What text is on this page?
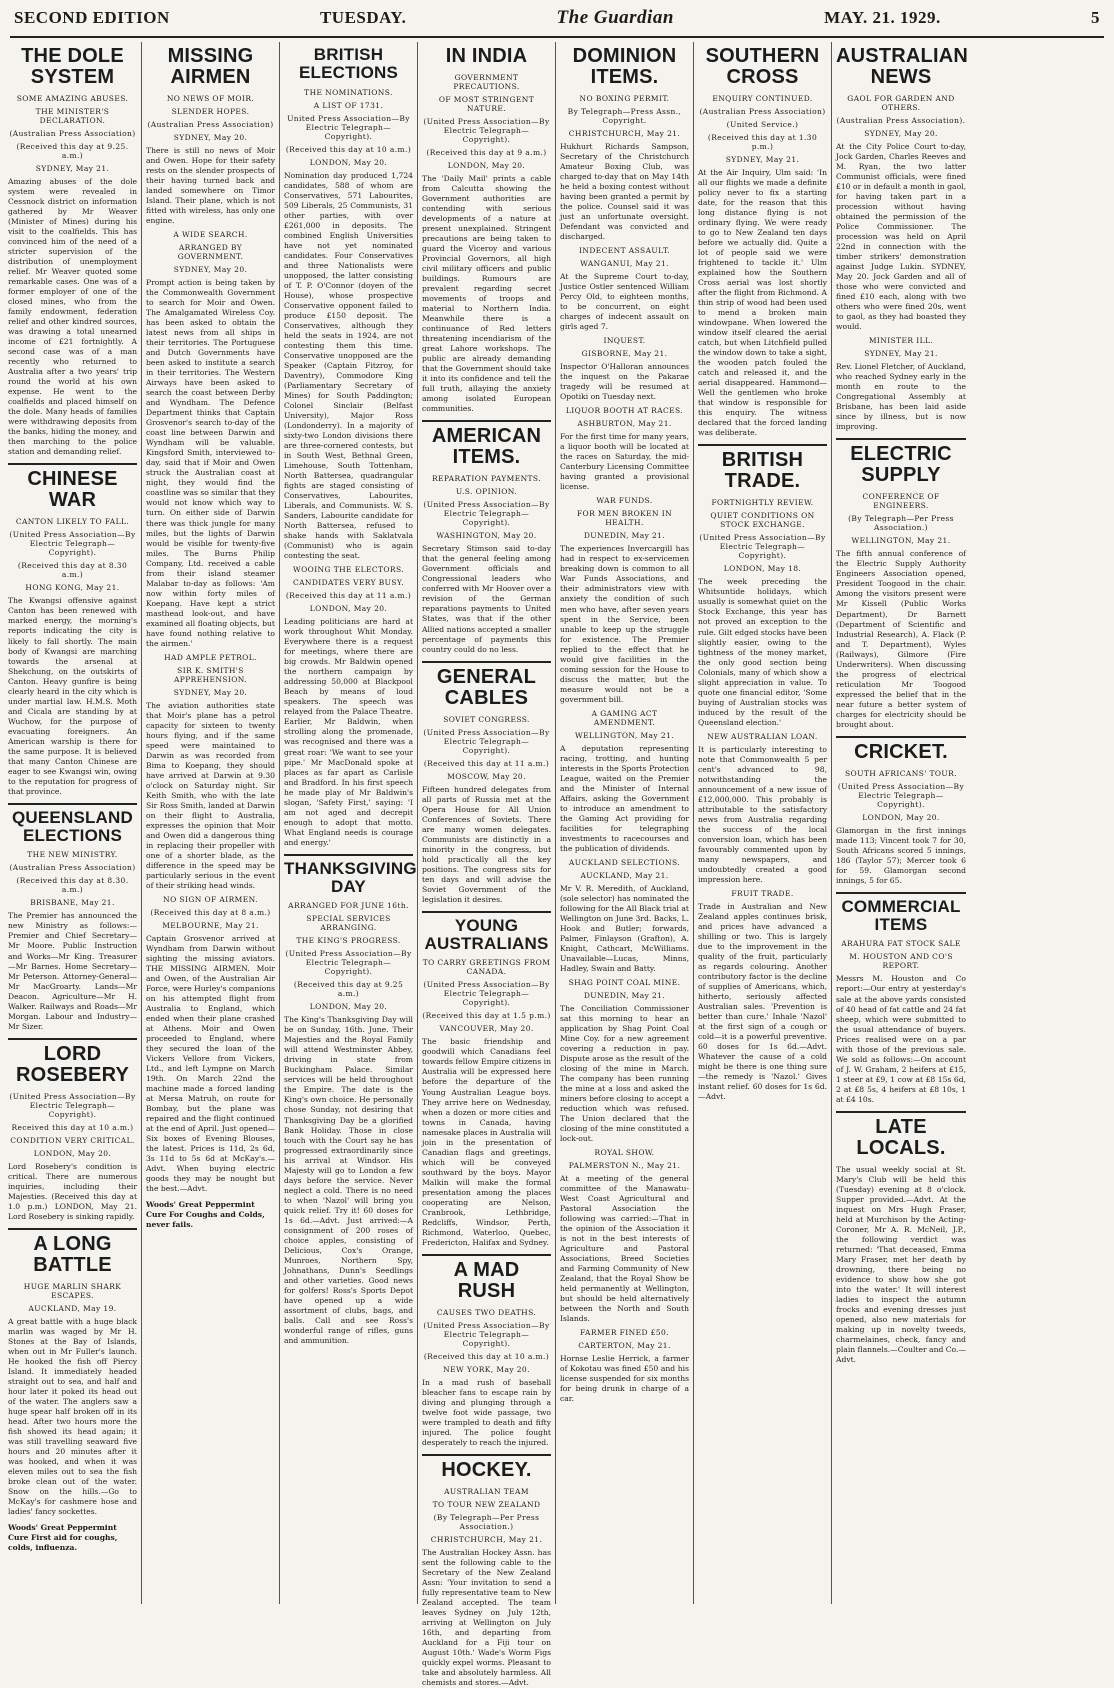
SECOND EDITION	TUESDAY.	The Guardian	MAY. 21. 1929.	5
THE DOLE SYSTEM
SOME AMAZING ABUSES.
THE MINISTER'S DECLARATION.
(Australian Press Association)
(Received this day at 9.25. a.m.)
SYDNEY, May 21.
Amazing abuses of the dole system were revealed in Cessnock district on information gathered by Mr Weaver (Minister of Mines) during his visit to the coalfields. This has convinced him of the need of a stricter supervision of the distribution of unemployment relief. Mr Weaver quoted some remarkable cases. One was of a former employer of one of the closed mines, who from the family endowment, federation relief and other kindred sources, was drawing a total unearned income of £21 fortnightly. A second case was of a man recently who returned to Australia after a two years' trip round the world at his own expense. He went to the coalfields and placed himself on the dole. Many heads of families were withdrawing deposits from the banks, hiding the money, and then marching to the police station and demanding relief.
CHINESE WAR
CANTON LIKELY TO FALL.
(United Press Association—By Electric Telegraph—Copyright).
(Received this day at 8.30 a.m.)
HONG KONG, May 21.
The Kwangsi offensive against Canton has been renewed with marked energy, the morning's reports indicating the city is likely to fall shortly. The main body of Kwangsi are marching towards the arsenal at Shekchung, on the outskirts of Canton. Heavy gunfire is being clearly heard in the city which is under martial law. H.M.S. Moth and Cicala are standing by at Wuchow, for the purpose of evacuating foreigners. An American warship is there for the same purpose. It is believed that many Canton Chinese are eager to see Kwangsi win, owing to the reputation for progress of that province.
QUEENSLAND ELECTIONS
THE NEW MINISTRY.
(Australian Press Association)
(Received this day at 8.30. a.m.)
BRISBANE, May 21.
The Premier has announced the new Ministry as follows:— Premier and Chief Secretary—Mr Moore. Public Instruction and Works—Mr King. Treasurer—Mr Barnes. Home Secretary—Mr Peterson. Attorney-General—Mr MacGroarty. Lands—Mr Deacon. Agriculture—Mr H. Walker. Railways and Roads—Mr Morgan. Labour and Industry—Mr Sizer.
LORD ROSEBERY
(United Press Association—By Electric Telegraph—Copyright).
Received this day at 10 a.m.)
CONDITION VERY CRITICAL.
LONDON, May 20.
Lord Rosebery's condition is critical. There are numerous inquiries, including their Majesties. (Received this day at 1.0 p.m.) LONDON, May 21. Lord Rosebery is sinking rapidly.
A LONG BATTLE
HUGE MARLIN SHARK ESCAPES.
AUCKLAND, May 19.
A great battle with a huge black marlin was waged by Mr H. Stones at the Bay of Islands, when out in Mr Fuller's launch. He hooked the fish off Piercy Island. It immediately headed straight out to sea, and half and hour later it poked its head out of the water. The anglers saw a huge spear half broken off in its head. After two hours more the fish showed its head again; it was still travelling seaward five hours and 20 minutes after it was hooked, and when it was eleven miles out to sea the fish broke clean out of the water. Snow on the hills.—Go to McKay's for cashmere hose and ladies' fancy sockettes.
Woods' Great Peppermint Cure First aid for coughs, colds, influenza.
MISSING AIRMEN
NO NEWS OF MOIR.
SLENDER HOPES.
(Australian Press Association)
SYDNEY, May 20.
There is still no news of Moir and Owen. Hope for their safety rests on the slender prospects of their having turned back and landed somewhere on Timor Island. Their plane, which is not fitted with wireless, has only one engine.
A WIDE SEARCH.
ARRANGED BY GOVERNMENT.
SYDNEY, May 20.
Prompt action is being taken by the Commonwealth Government to search for Moir and Owen. The Amalgamated Wireless Coy. has been asked to obtain the latest news from all ships in their territories. The Portuguese and Dutch Governments have been asked to institute a search in their territories. The Western Airways have been asked to search the coast between Derby and Wyndham. The Defence Department thinks that Captain Grosvenor's search to-day of the coast line between Darwin and Wyndham will be valuable. Kingsford Smith, interviewed to-day, said that if Moir and Owen struck the Australian coast at night, they would find the coastline was so similar that they would not know which way to turn. On either side of Darwin there was thick jungle for many miles, but the lights of Darwin would be visible for twenty-five miles. The Burns Philip Company, Ltd. received a cable from their island steamer Malabar to-day as follows: 'Am now within forty miles of Koepang. Have kept a strict masthead look-out, and have examined all floating objects, but have found nothing relative to the airmen.'
HAD AMPLE PETROL.
SIR K. SMITH'S APPREHENSION.
SYDNEY, May 20.
The aviation authorities state that Moir's plane has a petrol capacity for sixteen to twenty hours flying, and if the same speed were maintained to Darwin as was recorded from Bima to Koepang, they should have arrived at Darwin at 9.30 o'clock on Saturday night. Sir Keith Smith, who with the late Sir Ross Smith, landed at Darwin on their flight to Australia, expresses the opinion that Moir and Owen did a dangerous thing in replacing their propeller with one of a shorter blade, as the difference in the speed may be particularly serious in the event of their striking head winds.
NO SIGN OF AIRMEN.
(Received this day at 8 a.m.)
MELBOURNE, May 21.
Captain Grosvenor arrived at Wyndham from Darwin without sighting the missing aviators. THE MISSING AIRMEN. Moir and Owen, of the Australian Air Force, were Hurley's companions on his attempted flight from Australia to England, which ended when their plane crashed at Athens. Moir and Owen proceeded to England, where they secured the loan of the Vickers Vellore from Vickers, Ltd., and left Lympne on March 19th. On March 22nd the machine made a forced landing at Mersa Matruh, on route for Bombay, but the plane was repaired and the flight continued at the end of April. Just opened—Six boxes of Evening Blouses, the latest. Prices is 11d, 2s 6d, 3s 11d to 5s 6d at McKay's.—Advt. When buying electric goods they may be nought but the best.—Advt.
Woods' Great Peppermint Cure For Coughs and Colds, never fails.
BRITISH ELECTIONS
THE NOMINATIONS.
A LIST OF 1731.
United Press Association—By Electric Telegraph—Copyright).
(Received this day at 10 a.m.)
LONDON, May 20.
Nomination day produced 1,724 candidates, 588 of whom are Conservatives, 571 Labourites, 509 Liberals, 25 Communists, 31 other parties, with over £261,000 in deposits. The combined English Universities have not yet nominated candidates. Four Conservatives and three Nationalists were unopposed, the latter consisting of T. P. O'Connor (doyen of the House), whose prospective Conservative opponent failed to produce £150 deposit. The Conservatives, although they held the seats in 1924, are not contesting them this time. Conservative unopposed are the Speaker (Captain Fitzroy, for Daventry), Commodore King (Parliamentary Secretary of Mines) for South Paddington; Colonel Sinclair (Belfast University), Major Ross (Londonderry). In a majority of sixty-two London divisions there are three-cornered contests, but in South West, Bethnal Green, Limehouse, South Tottenham, North Battersea, quadrangular fights are staged consisting of Conservatives, Labourites, Liberals, and Communists. W. S. Sanders, Labourite candidate for North Battersea, refused to shake hands with Saklatvala (Communist) who is again contesting the seat.
WOOING THE ELECTORS.
CANDIDATES VERY BUSY.
(Received this day at 11 a.m.)
LONDON, May 20.
Leading politicians are hard at work throughout Whit Monday. Everywhere there is a request for meetings, where there are big crowds. Mr Baldwin opened the northern campaign by addressing 50,000 at Blackpool Beach by means of loud speakers. The speech was relayed from the Palace Theatre. Earlier, Mr Baldwin, when strolling along the promenade, was recognised and there was a great roar: 'We want to see your pipe.' Mr MacDonald spoke at places as far apart as Carlisle and Bradford. In his first speech he made play of Mr Baldwin's slogan, 'Safety First,' saying: 'I am not aged and decrepit enough to adopt that motto. What England needs is courage and energy.'
THANKSGIVING DAY
ARRANGED FOR JUNE 16th.
SPECIAL SERVICES ARRANGING.
THE KING'S PROGRESS.
(United Press Association—By Electric Telegraph—Copyright).
(Received this day at 9.25 a.m.)
LONDON, May 20.
The King's Thanksgiving Day will be on Sunday, 16th. June. Their Majesties and the Royal Family will attend Westminster Abbey, driving in state from Buckingham Palace. Similar services will be held throughout the Empire. The date is the King's own choice. He personally chose Sunday, not desiring that Thanksgiving Day be a glorified Bank Holiday. Those in close touch with the Court say he has progressed extraordinarily since his arrival at Windsor. His Majesty will go to London a few days before the service. Never neglect a cold. There is no need to when 'Nazol' will bring you quick relief. Try it! 60 doses for 1s 6d.—Advt. Just arrived:—A consignment of 200 roses of choice apples, consisting of Delicious, Cox's Orange, Munroes, Northern Spy, Johnathans, Dunn's Seedlings and other varieties. Good news for golfers! Ross's Sports Depot have opened up a wide assortment of clubs, bags, and balls. Call and see Ross's wonderful range of rifles, guns and ammunition.
IN INDIA
GOVERNMENT PRECAUTIONS.
OF MOST STRINGENT NATURE.
(United Press Association—By Electric Telegraph—Copyright).
(Received this day at 9 a.m.)
LONDON, May 20.
The 'Daily Mail' prints a cable from Calcutta showing the Government authorities are contending with serious developments of a nature at present unexplained. Stringent precautions are being taken to guard the Viceroy and various Provincial Governors, all high civil military officers and public buildings. Rumours are prevalent regarding secret movements of troops and material to Northern India. Meanwhile there is a continuance of Red letters threatening incendiarism of the great Lahore workshops. The public are already demanding that the Government should take it into its confidence and tell the full truth, allaying the anxiety among isolated European communities.
AMERICAN ITEMS.
REPARATION PAYMENTS.
U.S. OPINION.
(United Press Association—By Electric Telegraph—Copyright).
WASHINGTON, May 20.
Secretary Stimson said to-day that the general feeling among Government officials and Congressional leaders who conferred with Mr Hoover over a revision of the German reparations payments to United States, was that if the other Allied nations accepted a smaller percentage of payments this country could do no less.
GENERAL CABLES
SOVIET CONGRESS.
(United Press Association—By Electric Telegraph—Copyright).
(Received this day at 11 a.m.)
MOSCOW, May 20.
Fifteen hundred delegates from all parts of Russia met at the Opera House for All Union Conferences of Soviets. There are many women delegates. Communists are distinctly in a minority in the congress, but hold practically all the key positions. The congress sits for ten days and will advise the Soviet Government of the legislation it desires.
YOUNG AUSTRALIANS
TO CARRY GREETINGS FROM CANADA.
(United Press Association—By Electric Telegraph—Copyright).
(Received this day at 1.5 p.m.)
VANCOUVER, May 20.
The basic friendship and goodwill which Canadians feel towards fellow Empire citizens in Australia will be expressed here before the departure of the Young Australian League boys. They arrive here on Wednesday, when a dozen or more cities and towns in Canada, having namesake places in Australia will join in the presentation of Canadian flags and greetings, which will be conveyed southward by the boys. Mayor Malkin will make the formal presentation among the places cooperating are Nelson, Cranbrook, Lethbridge, Redcliffs, Windsor, Perth, Richmond, Waterloo, Quebec, Fredericton, Halifax and Sydney.
A MAD RUSH
CAUSES TWO DEATHS.
(United Press Association—By Electric Telegraph—Copyright).
(Received this day at 10 a.m.)
NEW YORK, May 20.
In a mad rush of baseball bleacher fans to escape rain by diving and plunging through a twelve foot wide passage, two were trampled to death and fifty injured. The police fought desperately to reach the injured.
HOCKEY.
AUSTRALIAN TEAM
TO TOUR NEW ZEALAND
(By Telegraph—Per Press Association.)
CHRISTCHURCH, May 21.
The Australian Hockey Assn. has sent the following cable to the Secretary of the New Zealand Assn: 'Your invitation to send a fully representative team to New Zealand accepted. The team leaves Sydney on July 12th, arriving at Wellington on July 16th, and departing from Auckland for a Fiji tour on August 10th.' Wade's Worm Figs quickly expel worms. Pleasant to take and absolutely harmless. All chemists and stores.—Advt.
DOMINION ITEMS.
NO BOXING PERMIT.
By Telegraph—Press Assn., Copyright.
CHRISTCHURCH, May 21.
Hukhurt Richards Sampson, Secretary of the Christchurch Amateur Boxing Club, was charged to-day that on May 14th he held a boxing contest without having been granted a permit by the police. Counsel said it was just an unfortunate oversight. Defendant was convicted and discharged.
INDECENT ASSAULT.
WANGANUI, May 21.
At the Supreme Court to-day, Justice Ostler sentenced William Percy Old, to eighteen months, to be concurrent, on eight charges of indecent assault on girls aged 7.
INQUEST.
GISBORNE, May 21.
Inspector O'Halloran announces the inquest on the Pakarae tragedy will be resumed at Opotiki on Tuesday next.
LIQUOR BOOTH AT RACES.
ASHBURTON, May 21.
For the first time for many years, a liquor booth will be located at the races on Saturday, the mid-Canterbury Licensing Committee having granted a provisional license.
WAR FUNDS.
FOR MEN BROKEN IN HEALTH.
DUNEDIN, May 21.
The experiences Invercargill has had in respect to ex-servicemen breaking down is common to all War Funds Associations, and their administrators view with anxiety the condition of such men who have, after seven years spent in the Service, been unable to keep up the struggle for existence. The Premier replied to the effect that he would give facilities in the coming session for the House to discuss the matter, but the measure would not be a government bill.
A GAMING ACT AMENDMENT.
WELLINGTON, May 21.
A deputation representing racing, trotting, and hunting interests in the Sports Protection League, waited on the Premier and the Minister of Internal Affairs, asking the Government to introduce an amendment to the Gaming Act providing for facilities for telegraphing investments to racecourses and the publication of dividends.
AUCKLAND SELECTIONS.
AUCKLAND, May 21.
Mr V. R. Meredith, of Auckland, (sole selector) has nominated the following for the All Black trial at Wellington on June 3rd. Backs, L. Hook and Butler; forwards, Palmer, Finlayson (Grafton), A. Knight, Cathcart, McWilliams. Unavailable—Lucas, Minns, Hadley, Swain and Batty.
SHAG POINT COAL MINE.
DUNEDIN, May 21.
The Conciliation Commissioner sat this morning to hear an application by Shag Point Coal Mine Coy. for a new agreement covering a reduction in pay. Dispute arose as the result of the closing of the mine in March. The company has been running the mine at a loss and asked the miners before closing to accept a reduction which was refused. The Union declared that the closing of the mine constituted a lock-out.
ROYAL SHOW.
PALMERSTON N., May 21.
At a meeting of the general committee of the Manawatu-West Coast Agricultural and Pastoral Association the following was carried:—That in the opinion of the Association it is not in the best interests of Agriculture and Pastoral Associations, Breed Societies and Farming Community of New Zealand, that the Royal Show be held permanently at Wellington, but should be held alternatively between the North and South Islands.
FARMER FINED £50.
CARTERTON, May 21.
Hornse Leslie Herrick, a farmer of Kokotau was fined £50 and his license suspended for six months for being drunk in charge of a car.
SOUTHERN CROSS
ENQUIRY CONTINUED.
(Australian Press Association)
(United Service.)
(Received this day at 1.30 p.m.)
SYDNEY, May 21.
At the Air Inquiry, Ulm said: 'In all our flights we made a definite policy never to fix a starting date, for the reason that this long distance flying is not ordinary flying. We were ready to go to New Zealand ten days before we actually did. Quite a lot of people said we were frightened to tackle it.' Ulm explained how the Southern Cross aerial was lost shortly after the flight from Richmond. A thin strip of wood had been used to mend a broken main windowpane. When lowered the window itself cleared the aerial catch, but when Litchfield pulled the window down to take a sight, the wooden patch fouled the catch and released it, and the aerial disappeared. Hammond—Well the gentlemen who broke that window is responsible for this enquiry. The witness declared that the forced landing was deliberate.
BRITISH TRADE.
FORTNIGHTLY REVIEW.
QUIET CONDITIONS ON STOCK EXCHANGE.
(United Press Association—By Electric Telegraph—Copyright).
LONDON, May 18.
The week preceding the Whitsuntide holidays, which usually is somewhat quiet on the Stock Exchange, this year has not proved an exception to the rule. Gilt edged stocks have been slightly easier, owing to the tightness of the money market, the only good section being Colonials, many of which show a slight appreciation in value. To quote one financial editor, 'Some buying of Australian stocks was induced by the result of the Queensland election.'
NEW AUSTRALIAN LOAN.
It is particularly interesting to note that Commonwealth 5 per cent's advanced to 98, notwithstanding the announcement of a new issue of £12,000,000. This probably is attributable to the satisfactory news from Australia regarding the success of the local conversion loan, which has been favourably commented upon by many newspapers, and undoubtedly created a good impression here.
FRUIT TRADE.
Trade in Australian and New Zealand apples continues brisk, and prices have advanced a shilling or two. This is largely due to the improvement in the quality of the fruit, particularly as regards colouring. Another contributory factor is the decline of supplies of Americans, which, hitherto, seriously affected Australian sales. 'Prevention is better than cure.' Inhale 'Nazol' at the first sign of a cough or cold—it is a powerful preventive. 60 doses for 1s 6d.—Advt. Whatever the cause of a cold might be there is one thing sure—the remedy is 'Nazol.' Gives instant relief. 60 doses for 1s 6d.—Advt.
AUSTRALIAN NEWS
GAOL FOR GARDEN AND OTHERS.
(Australian Press Association).
SYDNEY, May 20.
At the City Police Court to-day, Jock Garden, Charles Reeves and M. Ryan, the two latter Communist officials, were fined £10 or in default a month in gaol, for having taken part in a procession without having obtained the permission of the Police Commissioner. The procession was held on April 22nd in connection with the timber strikers' demonstration against Judge Lukin. SYDNEY, May 20. Jock Garden and all of those who were convicted and fined £10 each, along with two others who were fined 20s, went to gaol, as they had boasted they would.
MINISTER ILL.
SYDNEY, May 21.
Rev. Lionel Fletcher, of Auckland, who reached Sydney early in the month en route to the Congregational Assembly at Brisbane, has been laid aside since by illness, but is now improving.
ELECTRIC SUPPLY
CONFERENCE OF ENGINEERS.
(By Telegraph—Per Press Association.)
WELLINGTON, May 21.
The fifth annual conference of the Electric Supply Authority Engineers Association opened, President Toogood in the chair. Among the visitors present were Mr Kissell (Public Works Department), Dr Barnett (Department of Scientific and Industrial Research), A. Flack (P. and T. Department), Wyles (Railways), Gilmore (Fire Underwriters). When discussing the progress of electrical reticulation Mr Toogood expressed the belief that in the near future a better system of charges for electricity should be brought about.
CRICKET.
SOUTH AFRICANS' TOUR.
(United Press Association—By Electric Telegraph—Copyright).
LONDON, May 20.
Glamorgan in the first innings made 113; Vincent took 7 for 30, South Africans scored 5 innings, 186 (Taylor 57); Mercer took 6 for 59. Glamorgan second innings, 5 for 65.
COMMERCIAL ITEMS
ARAHURA FAT STOCK SALE
M. HOUSTON AND CO'S REPORT.
Messrs M. Houston and Co report:—Our entry at yesterday's sale at the above yards consisted of 40 head of fat cattle and 24 fat sheep, which were submitted to the usual attendance of buyers. Prices realised were on a par with those of the previous sale. We sold as follows:—On account of J. W. Graham, 2 heifers at £15, 1 steer at £9, 1 cow at £8 15s 6d, 2 at £8 5s, 4 heifers at £8 10s, 1 at £4 10s.
LATE LOCALS.
The usual weekly social at St. Mary's Club will be held this (Tuesday) evening at 8 o'clock. Supper provided.—Advt. At the inquest on Mrs Hugh Fraser, held at Murchison by the Acting-Coroner, Mr A. R. McNeil, J.P., the following verdict was returned: 'That deceased, Emma Mary Fraser, met her death by drowning, there being no evidence to show how she got into the water.' It will interest ladies to inspect the autumn frocks and evening dresses just opened, also new materials for making up in novelty tweeds, charmelaines, check, fancy and plain flannels.—Coulter and Co.—Advt.
